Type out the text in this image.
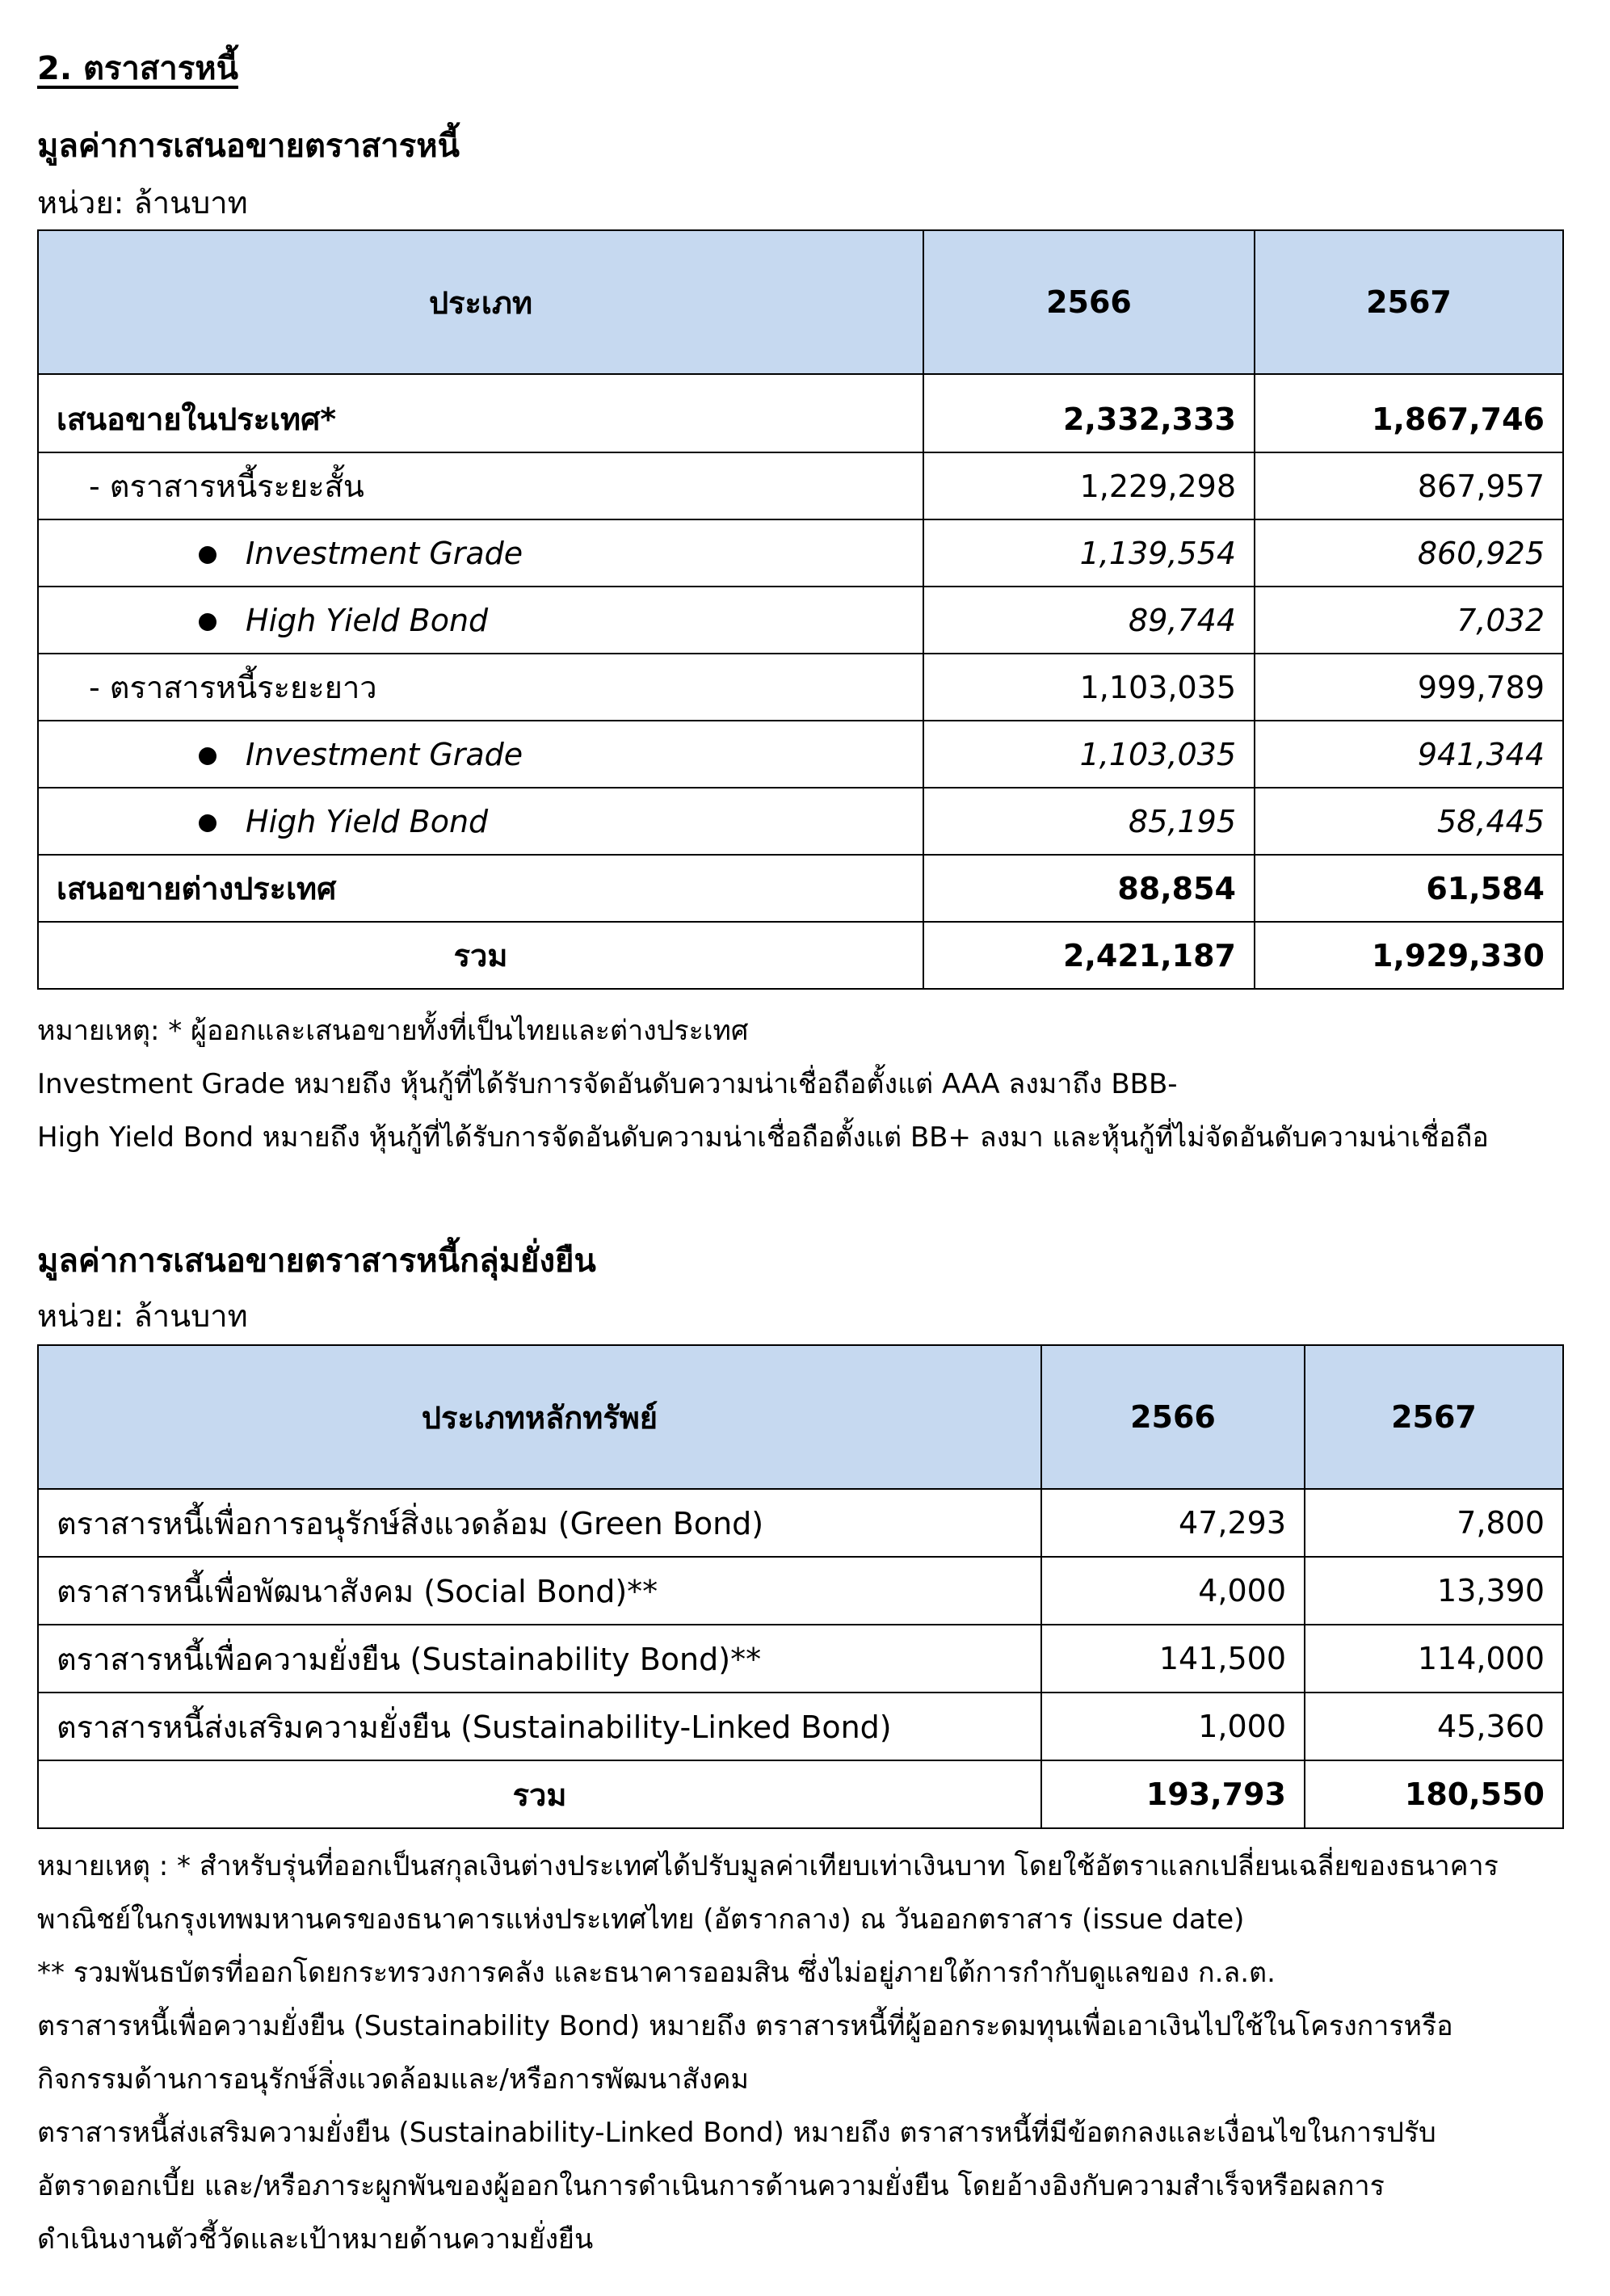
2. ตราสารหนี้
มูลค่าการเสนอขายตราสารหนี้
หน่วย: ล้านบาท
ประเภท	2566	2567
เสนอขายในประเทศ*	2,332,333	1,867,746
- ตราสารหนี้ระยะสั้น	1,229,298	867,957
Investment Grade	1,139,554	860,925
High Yield Bond	89,744	7,032
- ตราสารหนี้ระยะยาว	1,103,035	999,789
Investment Grade	1,103,035	941,344
High Yield Bond	85,195	58,445
เสนอขายต่างประเทศ	88,854	61,584
รวม	2,421,187	1,929,330
หมายเหตุ: * ผู้ออกและเสนอขายทั้งที่เป็นไทยและต่างประเทศ
Investment Grade หมายถึง หุ้นกู้ที่ได้รับการจัดอันดับความน่าเชื่อถือตั้งแต่ AAA ลงมาถึง BBB-
High Yield Bond หมายถึง หุ้นกู้ที่ได้รับการจัดอันดับความน่าเชื่อถือตั้งแต่ BB+ ลงมา และหุ้นกู้ที่ไม่จัดอันดับความน่าเชื่อถือ
มูลค่าการเสนอขายตราสารหนี้กลุ่มยั่งยืน
หน่วย: ล้านบาท
ประเภทหลักทรัพย์	2566	2567
ตราสารหนี้เพื่อการอนุรักษ์สิ่งแวดล้อม (Green Bond)	47,293	7,800
ตราสารหนี้เพื่อพัฒนาสังคม (Social Bond)**	4,000	13,390
ตราสารหนี้เพื่อความยั่งยืน (Sustainability Bond)**	141,500	114,000
ตราสารหนี้ส่งเสริมความยั่งยืน (Sustainability-Linked Bond)	1,000	45,360
รวม	193,793	180,550
หมายเหตุ : * สำหรับรุ่นที่ออกเป็นสกุลเงินต่างประเทศได้ปรับมูลค่าเทียบเท่าเงินบาท โดยใช้อัตราแลกเปลี่ยนเฉลี่ยของธนาคาร
พาณิชย์ในกรุงเทพมหานครของธนาคารแห่งประเทศไทย (อัตรากลาง) ณ วันออกตราสาร (issue date)
** รวมพันธบัตรที่ออกโดยกระทรวงการคลัง และธนาคารออมสิน ซึ่งไม่อยู่ภายใต้การกำกับดูแลของ ก.ล.ต.
ตราสารหนี้เพื่อความยั่งยืน (Sustainability Bond) หมายถึง ตราสารหนี้ที่ผู้ออกระดมทุนเพื่อเอาเงินไปใช้ในโครงการหรือ
กิจกรรมด้านการอนุรักษ์สิ่งแวดล้อมและ/หรือการพัฒนาสังคม
ตราสารหนี้ส่งเสริมความยั่งยืน (Sustainability-Linked Bond) หมายถึง ตราสารหนี้ที่มีข้อตกลงและเงื่อนไขในการปรับ
อัตราดอกเบี้ย และ/หรือภาระผูกพันของผู้ออกในการดำเนินการด้านความยั่งยืน โดยอ้างอิงกับความสำเร็จหรือผลการ
ดำเนินงานตัวชี้วัดและเป้าหมายด้านความยั่งยืน
